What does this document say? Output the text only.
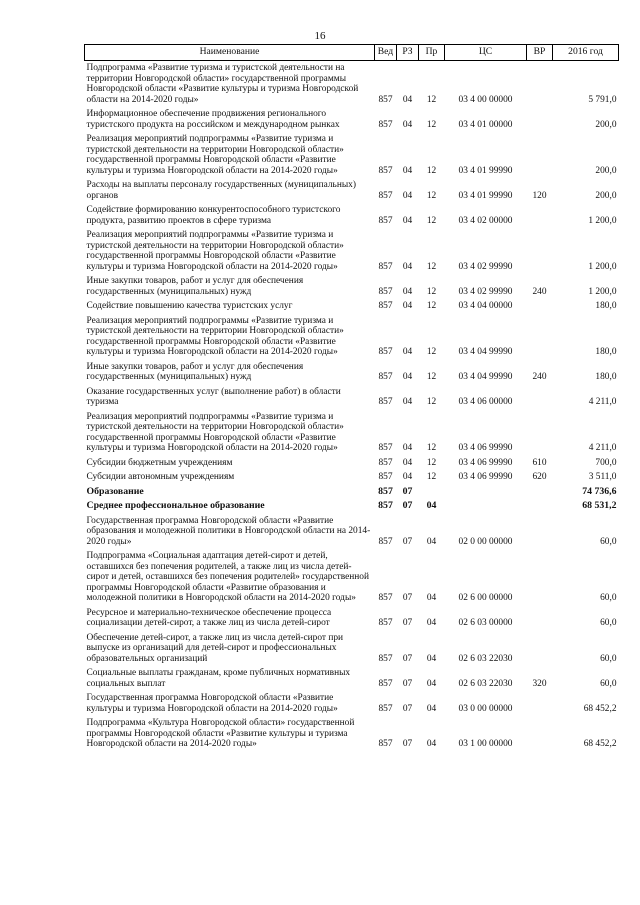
16
Наименование	Вед	РЗ	Пр	ЦС	ВР	2016 год
Подпрограмма «Развитие туризма и туристской деятельности на территории Новгородской области» государственной программы Новгородской области «Развитие культуры и туризма Новгородской области на 2014-2020 годы»	857	04	12	03 4 00 00000		5 791,0
Информационное обеспечение продвижения регионального туристского продукта на российском и международном рынках	857	04	12	03 4 01 00000		200,0
Реализация мероприятий подпрограммы «Развитие туризма и туристской деятельности на территории Новгородской области» государственной программы Новгородской области «Развитие культуры и туризма Новгородской области на 2014-2020 годы»	857	04	12	03 4 01 99990		200,0
Расходы на выплаты персоналу государственных (муниципальных) органов	857	04	12	03 4 01 99990	120	200,0
Содействие формированию конкурентоспособного туристского продукта, развитию проектов в сфере туризма	857	04	12	03 4 02 00000		1 200,0
Реализация мероприятий подпрограммы «Развитие туризма и туристской деятельности на территории Новгородской области» государственной программы Новгородской области «Развитие культуры и туризма Новгородской области на 2014-2020 годы»	857	04	12	03 4 02 99990		1 200,0
Иные закупки товаров, работ и услуг для обеспечения государственных (муниципальных) нужд	857	04	12	03 4 02 99990	240	1 200,0
Содействие повышению качества туристских услуг	857	04	12	03 4 04 00000		180,0
Реализация мероприятий подпрограммы «Развитие туризма и туристской деятельности на территории Новгородской области» государственной программы Новгородской области «Развитие культуры и туризма Новгородской области на 2014-2020 годы»	857	04	12	03 4 04 99990		180,0
Иные закупки товаров, работ и услуг для обеспечения государственных (муниципальных) нужд	857	04	12	03 4 04 99990	240	180,0
Оказание государственных услуг (выполнение работ) в области туризма	857	04	12	03 4 06 00000		4 211,0
Реализация мероприятий подпрограммы «Развитие туризма и туристской деятельности на территории Новгородской области» государственной программы Новгородской области «Развитие культуры и туризма Новгородской области на 2014-2020 годы»	857	04	12	03 4 06 99990		4 211,0
Субсидии бюджетным учреждениям	857	04	12	03 4 06 99990	610	700,0
Субсидии автономным учреждениям	857	04	12	03 4 06 99990	620	3 511,0
Образование	857	07				74 736,6
Среднее профессиональное образование	857	07	04			68 531,2
Государственная программа Новгородской области «Развитие образования и молодежной политики в Новгородской области на 2014-2020 годы»	857	07	04	02 0 00 00000		60,0
Подпрограмма «Социальная адаптация детей-сирот и детей, оставшихся без попечения родителей, а также лиц из числа детей-сирот и детей, оставшихся без попечения родителей» государственной программы Новгородской области «Развитие образования и молодежной политики в Новгородской области на 2014-2020 годы»	857	07	04	02 6 00 00000		60,0
Ресурсное и материально-техническое обеспечение процесса социализации детей-сирот, а также лиц из числа детей-сирот	857	07	04	02 6 03 00000		60,0
Обеспечение детей-сирот, а также лиц из числа детей-сирот при выпуске из организаций для детей-сирот и профессиональных образовательных организаций	857	07	04	02 6 03 22030		60,0
Социальные выплаты гражданам, кроме публичных нормативных социальных выплат	857	07	04	02 6 03 22030	320	60,0
Государственная программа Новгородской области «Развитие культуры и туризма Новгородской области на 2014-2020 годы»	857	07	04	03 0 00 00000		68 452,2
Подпрограмма «Культура Новгородской области» государственной программы Новгородской области «Развитие культуры и туризма Новгородской области на 2014-2020 годы»	857	07	04	03 1 00 00000		68 452,2
